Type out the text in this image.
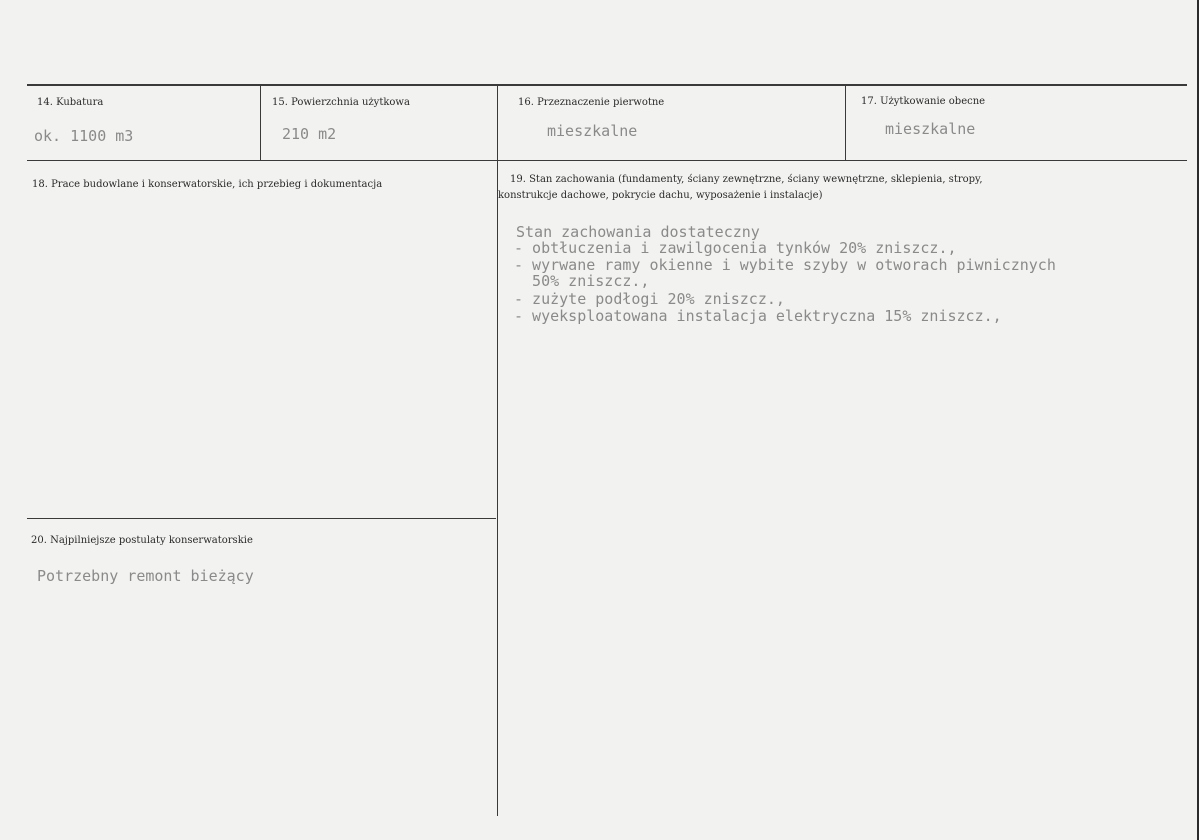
14. Kubatura
ok. 1100 m3
15. Powierzchnia użytkowa
210 m2
16. Przeznaczenie pierwotne
mieszkalne
17. Użytkowanie obecne
mieszkalne
18. Prace budowlane i konserwatorskie, ich przebieg i dokumentacja	19. Stan zachowania (fundamenty, ściany zewnętrzne, ściany wewnętrzne, sklepienia, stropy,
konstrukcje dachowe, pokrycie dachu, wyposażenie i instalacje)
Stan zachowania dostateczny
- obtłuczenia i zawilgocenia tynków 20% zniszcz.,
- wyrwane ramy okienne i wybite szyby w otworach piwnicznych
50% zniszcz.,
- zużyte podłogi 20% zniszcz.,
- wyeksploatowana instalacja elektryczna 15% zniszcz.,
20. Najpilniejsze postulaty konserwatorskie
Potrzebny remont bieżący
